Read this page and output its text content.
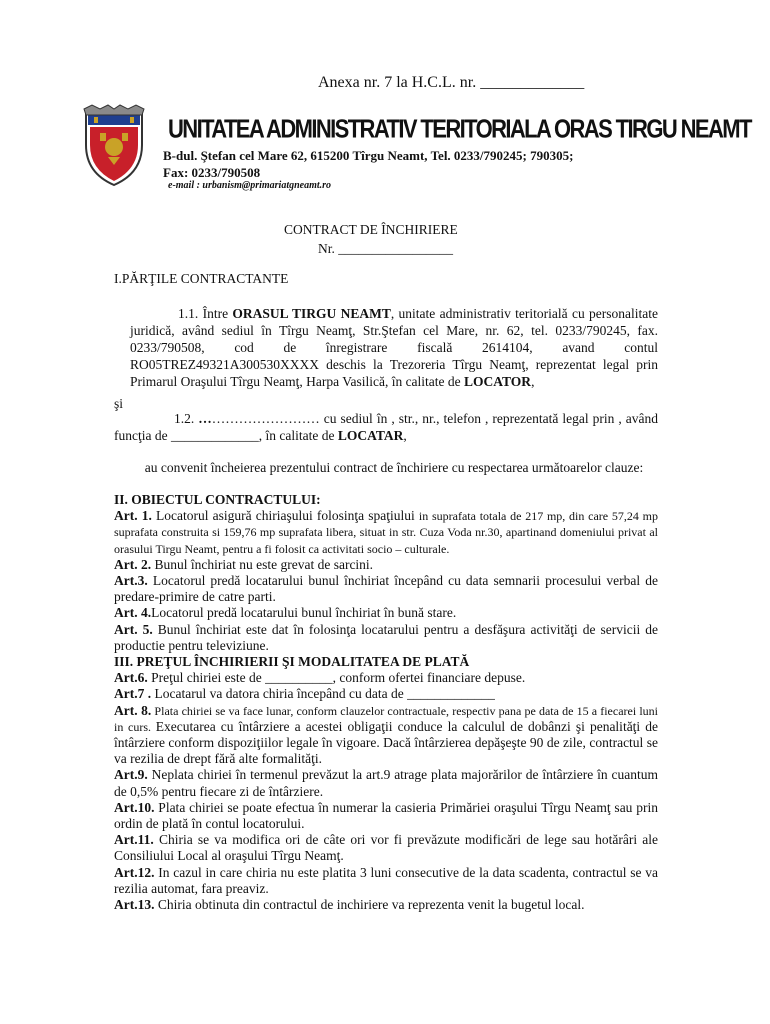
Anexa nr. 7 la H.C.L. nr. _____________
UNITATEA ADMINISTRATIV TERITORIALA ORAS TIRGU NEAMT
B-dul. Ştefan cel Mare 62, 615200 Tîrgu Neamt, Tel. 0233/790245; 790305;
Fax: 0233/790508
e-mail : urbanism@primariatgneamt.ro
CONTRACT DE ÎNCHIRIERE
Nr. _________________
I.PĂRŢILE CONTRACTANTE
1.1. Între ORASUL TIRGU NEAMT, unitate administrativ teritorială cu personalitate juridică, având sediul în Tîrgu Neamţ, Str.Ştefan cel Mare, nr. 62, tel. 0233/790245, fax. 0233/790508, cod de înregistrare fiscală 2614104, avand contul RO05TREZ49321A300530XXXX deschis la Trezoreria Tîrgu Neamţ, reprezentat legal prin Primarul Oraşului Tîrgu Neamţ, Harpa Vasilică, în calitate de LOCATOR,
şi
1.2. ……………………… cu sediul în , str., nr., telefon , reprezentată legal prin , având funcţia de _____________, în calitate de LOCATAR,
au convenit încheierea prezentului contract de închiriere cu respectarea următoarelor clauze:

II. OBIECTUL CONTRACTULUI:

Art. 1. Locatorul asigură chiriaşului folosinţa spaţiului in suprafata totala de 217 mp, din care 57,24 mp suprafata construita si 159,76 mp suprafata libera, situat in str. Cuza Voda nr.30, apartinand domeniului privat al orasului Tirgu Neamt, pentru a fi folosit ca activitati socio – culturale.

Art. 2. Bunul închiriat nu este grevat de sarcini.

Art.3. Locatorul predă locatarului bunul închiriat începând cu data semnarii procesului verbal de predare-primire de catre parti.

Art. 4.Locatorul predă locatarului bunul închiriat în bună stare.

Art. 5. Bunul închiriat este dat în folosinţa locatarului pentru a desfăşura activităţi de servicii de productie pentru televiziune.

III. PREŢUL ÎNCHIRIERII ŞI MODALITATEA DE PLATĂ

Art.6. Preţul chiriei este de __________, conform ofertei financiare depuse.

Art.7 . Locatarul va datora chiria începând cu data de _____________

Art. 8. Plata chiriei se va face lunar, conform clauzelor contractuale, respectiv pana pe data de 15 a fiecarei luni in curs. Executarea cu întârziere a acestei obligaţii conduce la calculul de dobânzi şi penalităţi de întârziere conform dispoziţiilor legale în vigoare. Dacă întârzierea depăşeşte 90 de zile, contractul se va rezilia de drept fără alte formalităţi.

Art.9. Neplata chiriei în termenul prevăzut la art.9 atrage plata majorărilor de întârziere în cuantum de 0,5% pentru fiecare zi de întârziere.

Art.10. Plata chiriei se poate efectua în numerar la casieria Primăriei oraşului Tîrgu Neamţ sau prin ordin de plată în contul locatorului.

Art.11. Chiria se va modifica ori de câte ori vor fi prevăzute modificări de lege sau hotărâri ale Consiliului Local al oraşului Tîrgu Neamţ.

Art.12. In cazul in care chiria nu este platita 3 luni consecutive de la data scadenta, contractul se va rezilia automat, fara preaviz.

Art.13. Chiria obtinuta din contractul de inchiriere va reprezenta venit la bugetul local.
